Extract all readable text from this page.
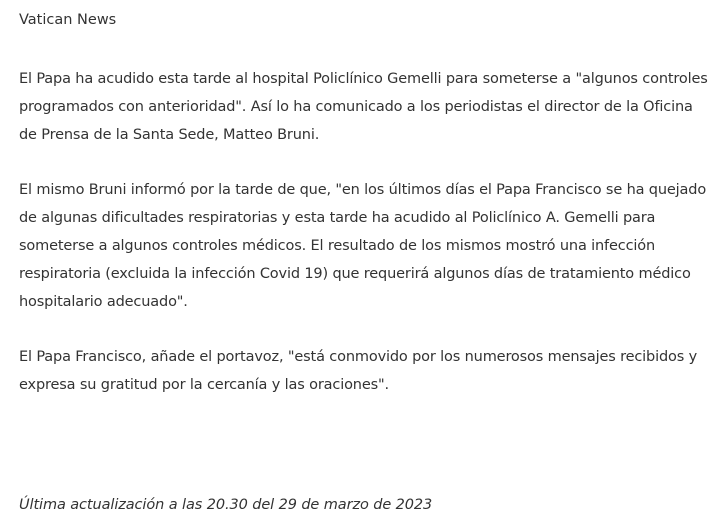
Vatican News

El Papa ha acudido esta tarde al hospital Policlínico Gemelli para someterse a "algunos controles programados con anterioridad". Así lo ha comunicado a los periodistas el director de la Oficina de Prensa de la Santa Sede, Matteo Bruni.

El mismo Bruni informó por la tarde de que, "en los últimos días el Papa Francisco se ha quejado de algunas dificultades respiratorias y esta tarde ha acudido al Policlínico A. Gemelli para someterse a algunos controles médicos. El resultado de los mismos mostró una infección respiratoria (excluida la infección Covid 19) que requerirá algunos días de tratamiento médico hospitalario adecuado".

El Papa Francisco, añade el portavoz, "está conmovido por los numerosos mensajes recibidos y expresa su gratitud por la cercanía y las oraciones".

Última actualización a las 20.30 del 29 de marzo de 2023
